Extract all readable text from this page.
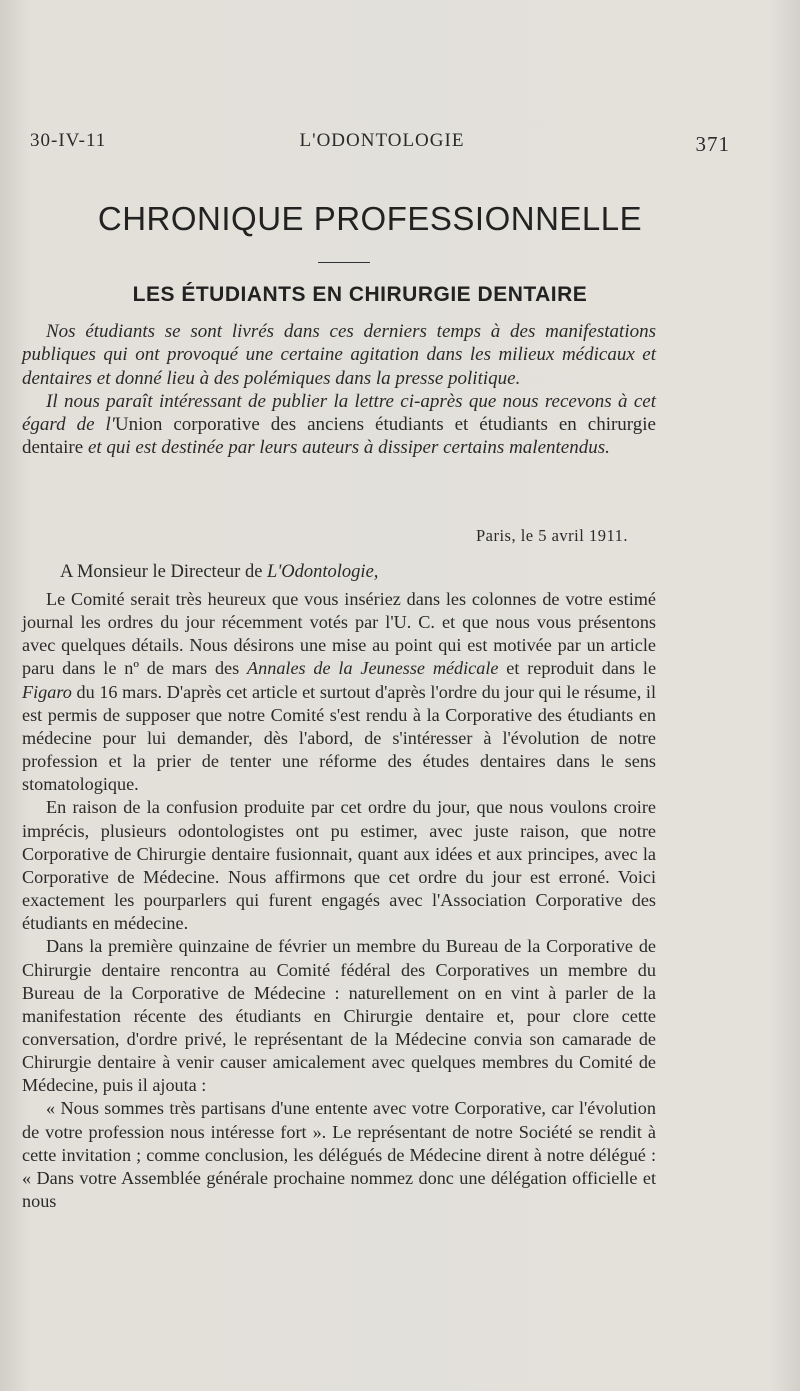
30-IV-11	L'ODONTOLOGIE	371
CHRONIQUE PROFESSIONNELLE
LES ÉTUDIANTS EN CHIRURGIE DENTAIRE

Nos étudiants se sont livrés dans ces derniers temps à des manifestations publiques qui ont provoqué une certaine agitation dans les milieux médicaux et dentaires et donné lieu à des polémiques dans la presse politique.

Il nous paraît intéressant de publier la lettre ci-après que nous recevons à cet égard de l'Union corporative des anciens étudiants et étudiants en chirurgie dentaire et qui est destinée par leurs auteurs à dissiper certains malentendus.

Paris, le 5 avril 1911.
A Monsieur le Directeur de L'Odontologie,

Le Comité serait très heureux que vous insériez dans les colonnes de votre estimé journal les ordres du jour récemment votés par l'U. C. et que nous vous présentons avec quelques détails. Nous désirons une mise au point qui est motivée par un article paru dans le nº de mars des Annales de la Jeunesse médicale et reproduit dans le Figaro du 16 mars. D'après cet article et surtout d'après l'ordre du jour qui le résume, il est permis de supposer que notre Comité s'est rendu à la Corporative des étudiants en médecine pour lui demander, dès l'abord, de s'intéresser à l'évolution de notre profession et la prier de tenter une réforme des études dentaires dans le sens stomatologique.

En raison de la confusion produite par cet ordre du jour, que nous voulons croire imprécis, plusieurs odontologistes ont pu estimer, avec juste raison, que notre Corporative de Chirurgie dentaire fusionnait, quant aux idées et aux principes, avec la Corporative de Médecine. Nous affirmons que cet ordre du jour est erroné. Voici exactement les pourparlers qui furent engagés avec l'Association Corporative des étudiants en médecine.

Dans la première quinzaine de février un membre du Bureau de la Corporative de Chirurgie dentaire rencontra au Comité fédéral des Corporatives un membre du Bureau de la Corporative de Médecine : naturellement on en vint à parler de la manifestation récente des étudiants en Chirurgie dentaire et, pour clore cette conversation, d'ordre privé, le représentant de la Médecine convia son camarade de Chirurgie dentaire à venir causer amicalement avec quelques membres du Comité de Médecine, puis il ajouta :

« Nous sommes très partisans d'une entente avec votre Corporative, car l'évolution de votre profession nous intéresse fort ». Le représentant de notre Société se rendit à cette invitation ; comme conclusion, les délégués de Médecine dirent à notre délégué : « Dans votre Assemblée générale prochaine nommez donc une délégation officielle et nous
